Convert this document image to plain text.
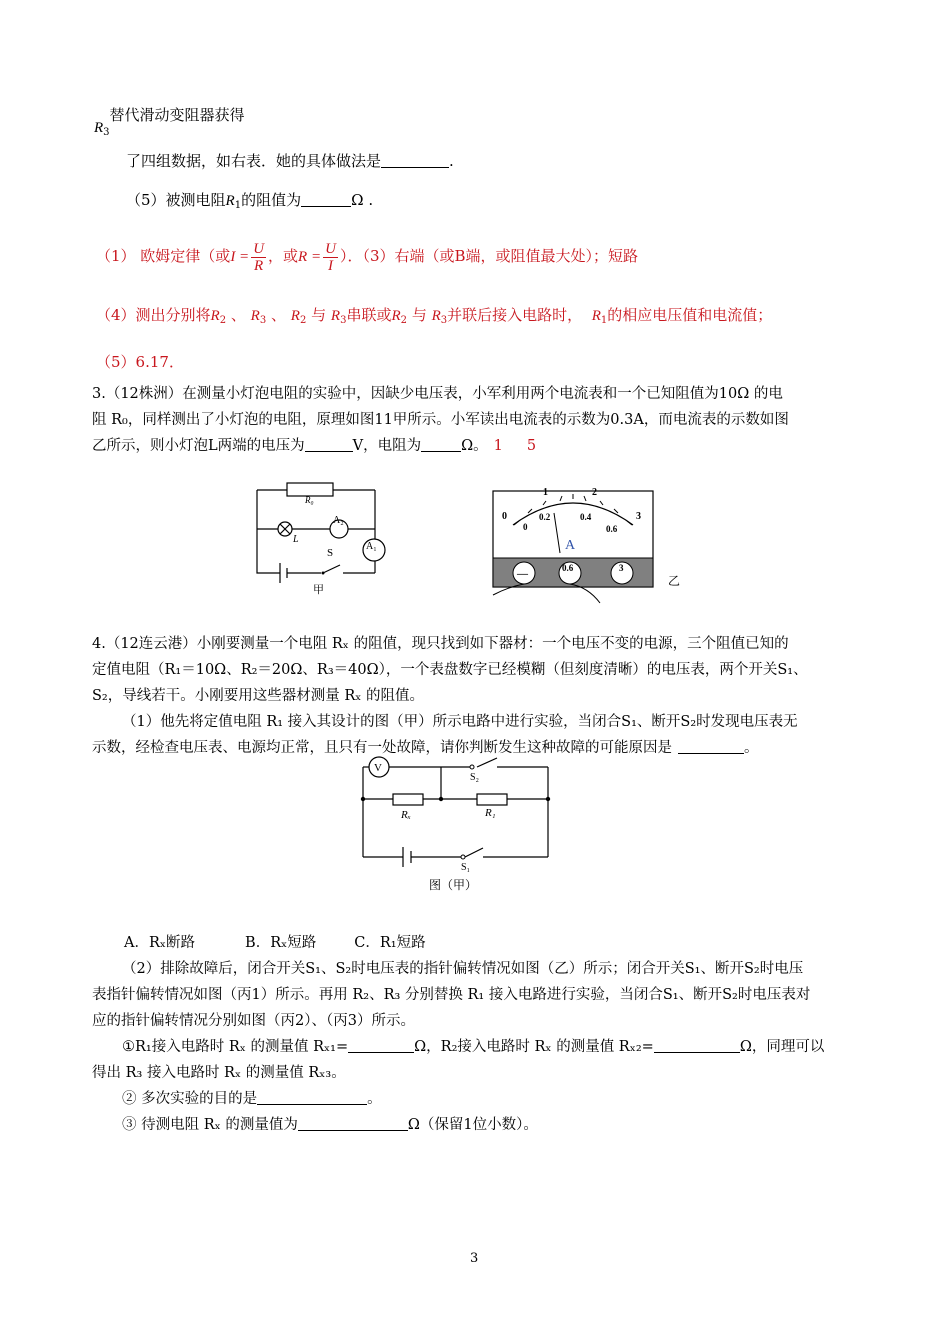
$R_3$替代滑动变阻器获得
了四组数据，如右表．她的具体做法是	.
（5）被测电阻$R_1$的阻值为	Ω .
（1） 欧姆定律（或$I = \frac{U}{R}$ ，或$R = \frac{U}{I}$ ）．（3）右端（或B端，或阻值最大处）；短路
（4）测出分别将$R_2$ 、 $R_3$ 、 $R_2$ 与 $R_3$串联或$R_2$ 与 $R_3$并联后接入电路时， $R_1$的相应电压值和电流值；
（5）6.17．
3.（12株洲）在测量小灯泡电阻的实验中，因缺少电压表，小军利用两个电流表和一个已知阻值为10Ω 的电
阻 R₀，同样测出了小灯泡的电阻，原理如图11甲所示。小军读出电流表的示数为0.3A，而电流表的示数如图
乙所示，则小灯泡L两端的电压为	V，电阻为	Ω。 1 5
R₀
A₂
A₁
L
S
甲
1	2
0	3
0.2	0.4
0.6
0
A
—	0.6	3
乙
4.（12连云港）小刚要测量一个电阻 Rₓ 的阻值，现只找到如下器材：一个电压不变的电源，三个阻值已知的
定值电阻（R₁＝10Ω、R₂＝20Ω、R₃＝40Ω），一个表盘数字已经模糊（但刻度清晰）的电压表，两个开关S₁、
S₂，导线若干。小刚要用这些器材测量 Rₓ 的阻值。
（1）他先将定值电阻 R₁ 接入其设计的图（甲）所示电路中进行实验，当闭合S₁、断开S₂时发现电压表无
示数，经检查电压表、电源均正常，且只有一处故障，请你判断发生这种故障的可能原因是	。
V
S₂
Rₓ	R₁
S₁
图（甲）
A．Rₓ断路	B．Rₓ短路	C．R₁短路
（2）排除故障后，闭合开关S₁、S₂时电压表的指针偏转情况如图（乙）所示；闭合开关S₁、断开S₂时电压
表指针偏转情况如图（丙1）所示。再用 R₂、R₃ 分别替换 R₁ 接入电路进行实验，当闭合S₁、断开S₂时电压表对
应的指针偏转情况分别如图（丙2）、（丙3）所示。
①R₁接入电路时 Rₓ 的测量值 Rₓ₁=	Ω，R₂接入电路时 Rₓ 的测量值 Rₓ₂=	Ω，同理可以
得出 R₃ 接入电路时 Rₓ 的测量值 Rₓ₃。
② 多次实验的目的是	。
③ 待测电阻 Rₓ 的测量值为	Ω（保留1位小数）。
3
